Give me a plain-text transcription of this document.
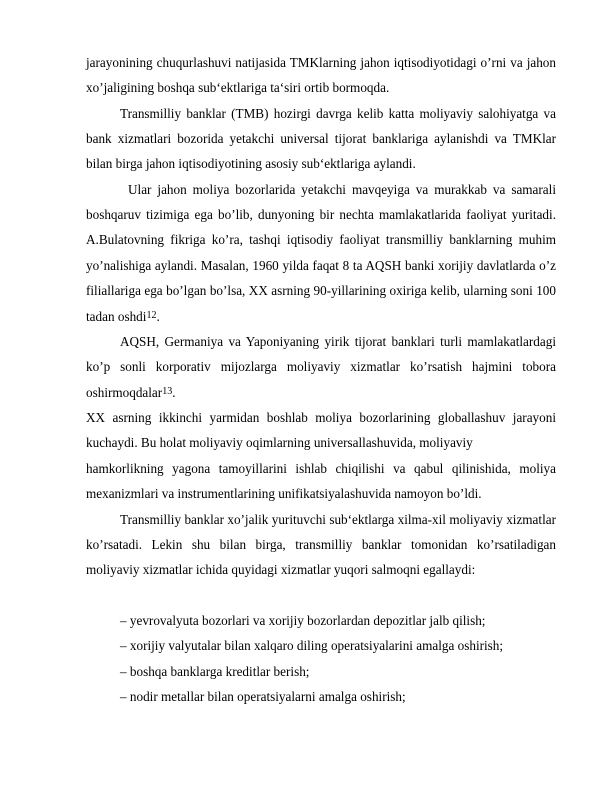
jarayonining chuqurlashuvi natijasida TMKlarning jahon iqtisodiyotidagi o’rni va jahon xo’jaligining boshqa sub‘ektlariga ta‘siri ortib bormoqda.

Transmilliy banklar (TMB) hozirgi davrga kelib katta moliyaviy salohiyatga va bank xizmatlari bozorida yetakchi universal tijorat banklariga aylanishdi va TMKlar bilan birga jahon iqtisodiyotining asosiy sub‘ektlariga aylandi.

Ular jahon moliya bozorlarida yetakchi mavqeyiga va murakkab va samarali boshqaruv tizimiga ega bo’lib, dunyoning bir nechta mamlakatlarida faoliyat yuritadi. A.Bulatovning fikriga ko’ra, tashqi iqtisodiy faoliyat transmilliy banklarning muhim yo’nalishiga aylandi. Masalan, 1960 yilda faqat 8 ta AQSH banki xorijiy davlatlarda o’z filiallariga ega bo’lgan bo’lsa, XX asrning 90-yillarining oxiriga kelib, ularning soni 100 tadan oshdi$^{12}$.

AQSH, Germaniya va Yaponiyaning yirik tijorat banklari turli mamlakatlardagi ko’p sonli korporativ mijozlarga moliyaviy xizmatlar ko’rsatish hajmini tobora oshirmoqdalar$^{13}$.

XX asrning ikkinchi yarmidan boshlab moliya bozorlarining globallashuv jarayoni kuchaydi. Bu holat moliyaviy oqimlarning universallashuvida, moliyaviy

hamkorlikning yagona tamoyillarini ishlab chiqilishi va qabul qilinishida, moliya mexanizmlari va instrumentlarining unifikatsiyalashuvida namoyon bo’ldi.

Transmilliy banklar xo’jalik yurituvchi sub‘ektlarga xilma-xil moliyaviy xizmatlar ko’rsatadi. Lekin shu bilan birga, transmilliy banklar tomonidan ko’rsatiladigan moliyaviy xizmatlar ichida quyidagi xizmatlar yuqori salmoqni egallaydi:

– yevrovalyuta bozorlari va xorijiy bozorlardan depozitlar jalb qilish;

– xorijiy valyutalar bilan xalqaro diling operatsiyalarini amalga oshirish;

– boshqa banklarga kreditlar berish;

– nodir metallar bilan operatsiyalarni amalga oshirish;
